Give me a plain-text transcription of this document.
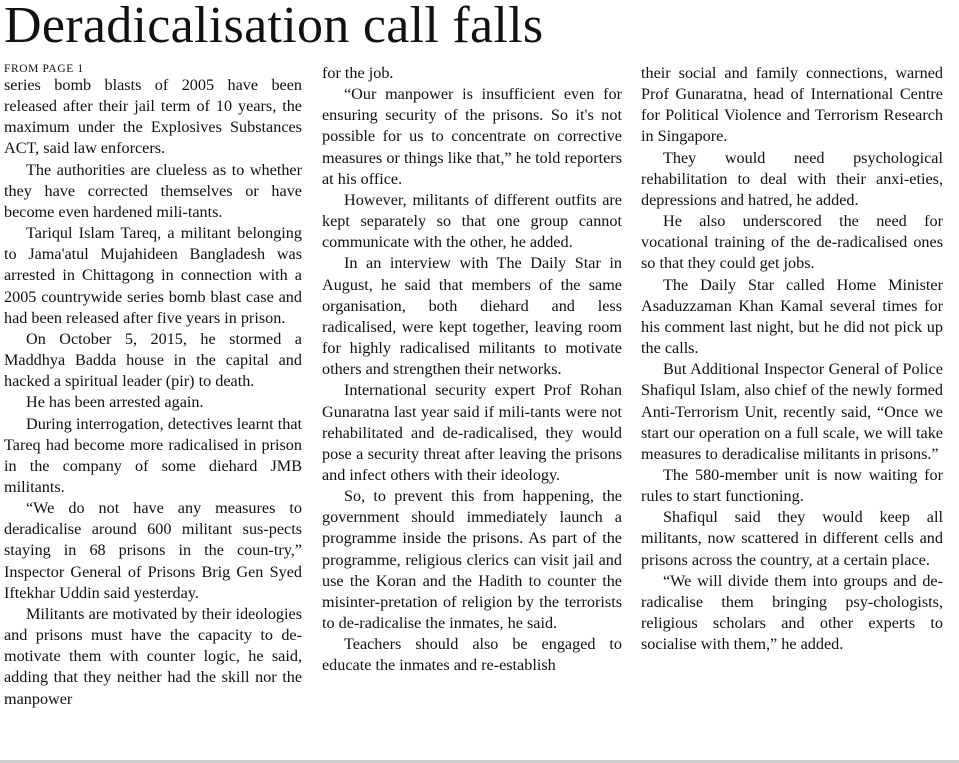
Deradicalisation call falls
FROM PAGE 1

series bomb blasts of 2005 have been released after their jail term of 10 years, the maximum under the Explosives Substances ACT, said law enforcers.

The authorities are clueless as to whether they have corrected themselves or have become even hardened mili-tants.

Tariqul Islam Tareq, a militant belonging to Jama'atul Mujahideen Bangladesh was arrested in Chittagong in connection with a 2005 countrywide series bomb blast case and had been released after five years in prison.

On October 5, 2015, he stormed a Maddhya Badda house in the capital and hacked a spiritual leader (pir) to death.

He has been arrested again.

During interrogation, detectives learnt that Tareq had become more radicalised in prison in the company of some diehard JMB militants.

“We do not have any measures to deradicalise around 600 militant sus-pects staying in 68 prisons in the coun-try,” Inspector General of Prisons Brig Gen Syed Iftekhar Uddin said yesterday.

Militants are motivated by their ideologies and prisons must have the capacity to de-motivate them with counter logic, he said, adding that they neither had the skill nor the manpower

for the job.

“Our manpower is insufficient even for ensuring security of the prisons. So it's not possible for us to concentrate on corrective measures or things like that,” he told reporters at his office.

However, militants of different outfits are kept separately so that one group cannot communicate with the other, he added.

In an interview with The Daily Star in August, he said that members of the same organisation, both diehard and less radicalised, were kept together, leaving room for highly radicalised militants to motivate others and strengthen their networks.

International security expert Prof Rohan Gunaratna last year said if mili-tants were not rehabilitated and de-radicalised, they would pose a security threat after leaving the prisons and infect others with their ideology.

So, to prevent this from happening, the government should immediately launch a programme inside the prisons. As part of the programme, religious clerics can visit jail and use the Koran and the Hadith to counter the misinter-pretation of religion by the terrorists to de-radicalise the inmates, he said.

Teachers should also be engaged to educate the inmates and re-establish

their social and family connections, warned Prof Gunaratna, head of International Centre for Political Violence and Terrorism Research in Singapore.

They would need psychological rehabilitation to deal with their anxi-eties, depressions and hatred, he added.

He also underscored the need for vocational training of the de-radicalised ones so that they could get jobs.

The Daily Star called Home Minister Asaduzzaman Khan Kamal several times for his comment last night, but he did not pick up the calls.

But Additional Inspector General of Police Shafiqul Islam, also chief of the newly formed Anti-Terrorism Unit, recently said, “Once we start our operation on a full scale, we will take measures to deradicalise militants in prisons.”

The 580-member unit is now waiting for rules to start functioning.

Shafiqul said they would keep all militants, now scattered in different cells and prisons across the country, at a certain place.

“We will divide them into groups and de-radicalise them bringing psy-chologists, religious scholars and other experts to socialise with them,” he added.
